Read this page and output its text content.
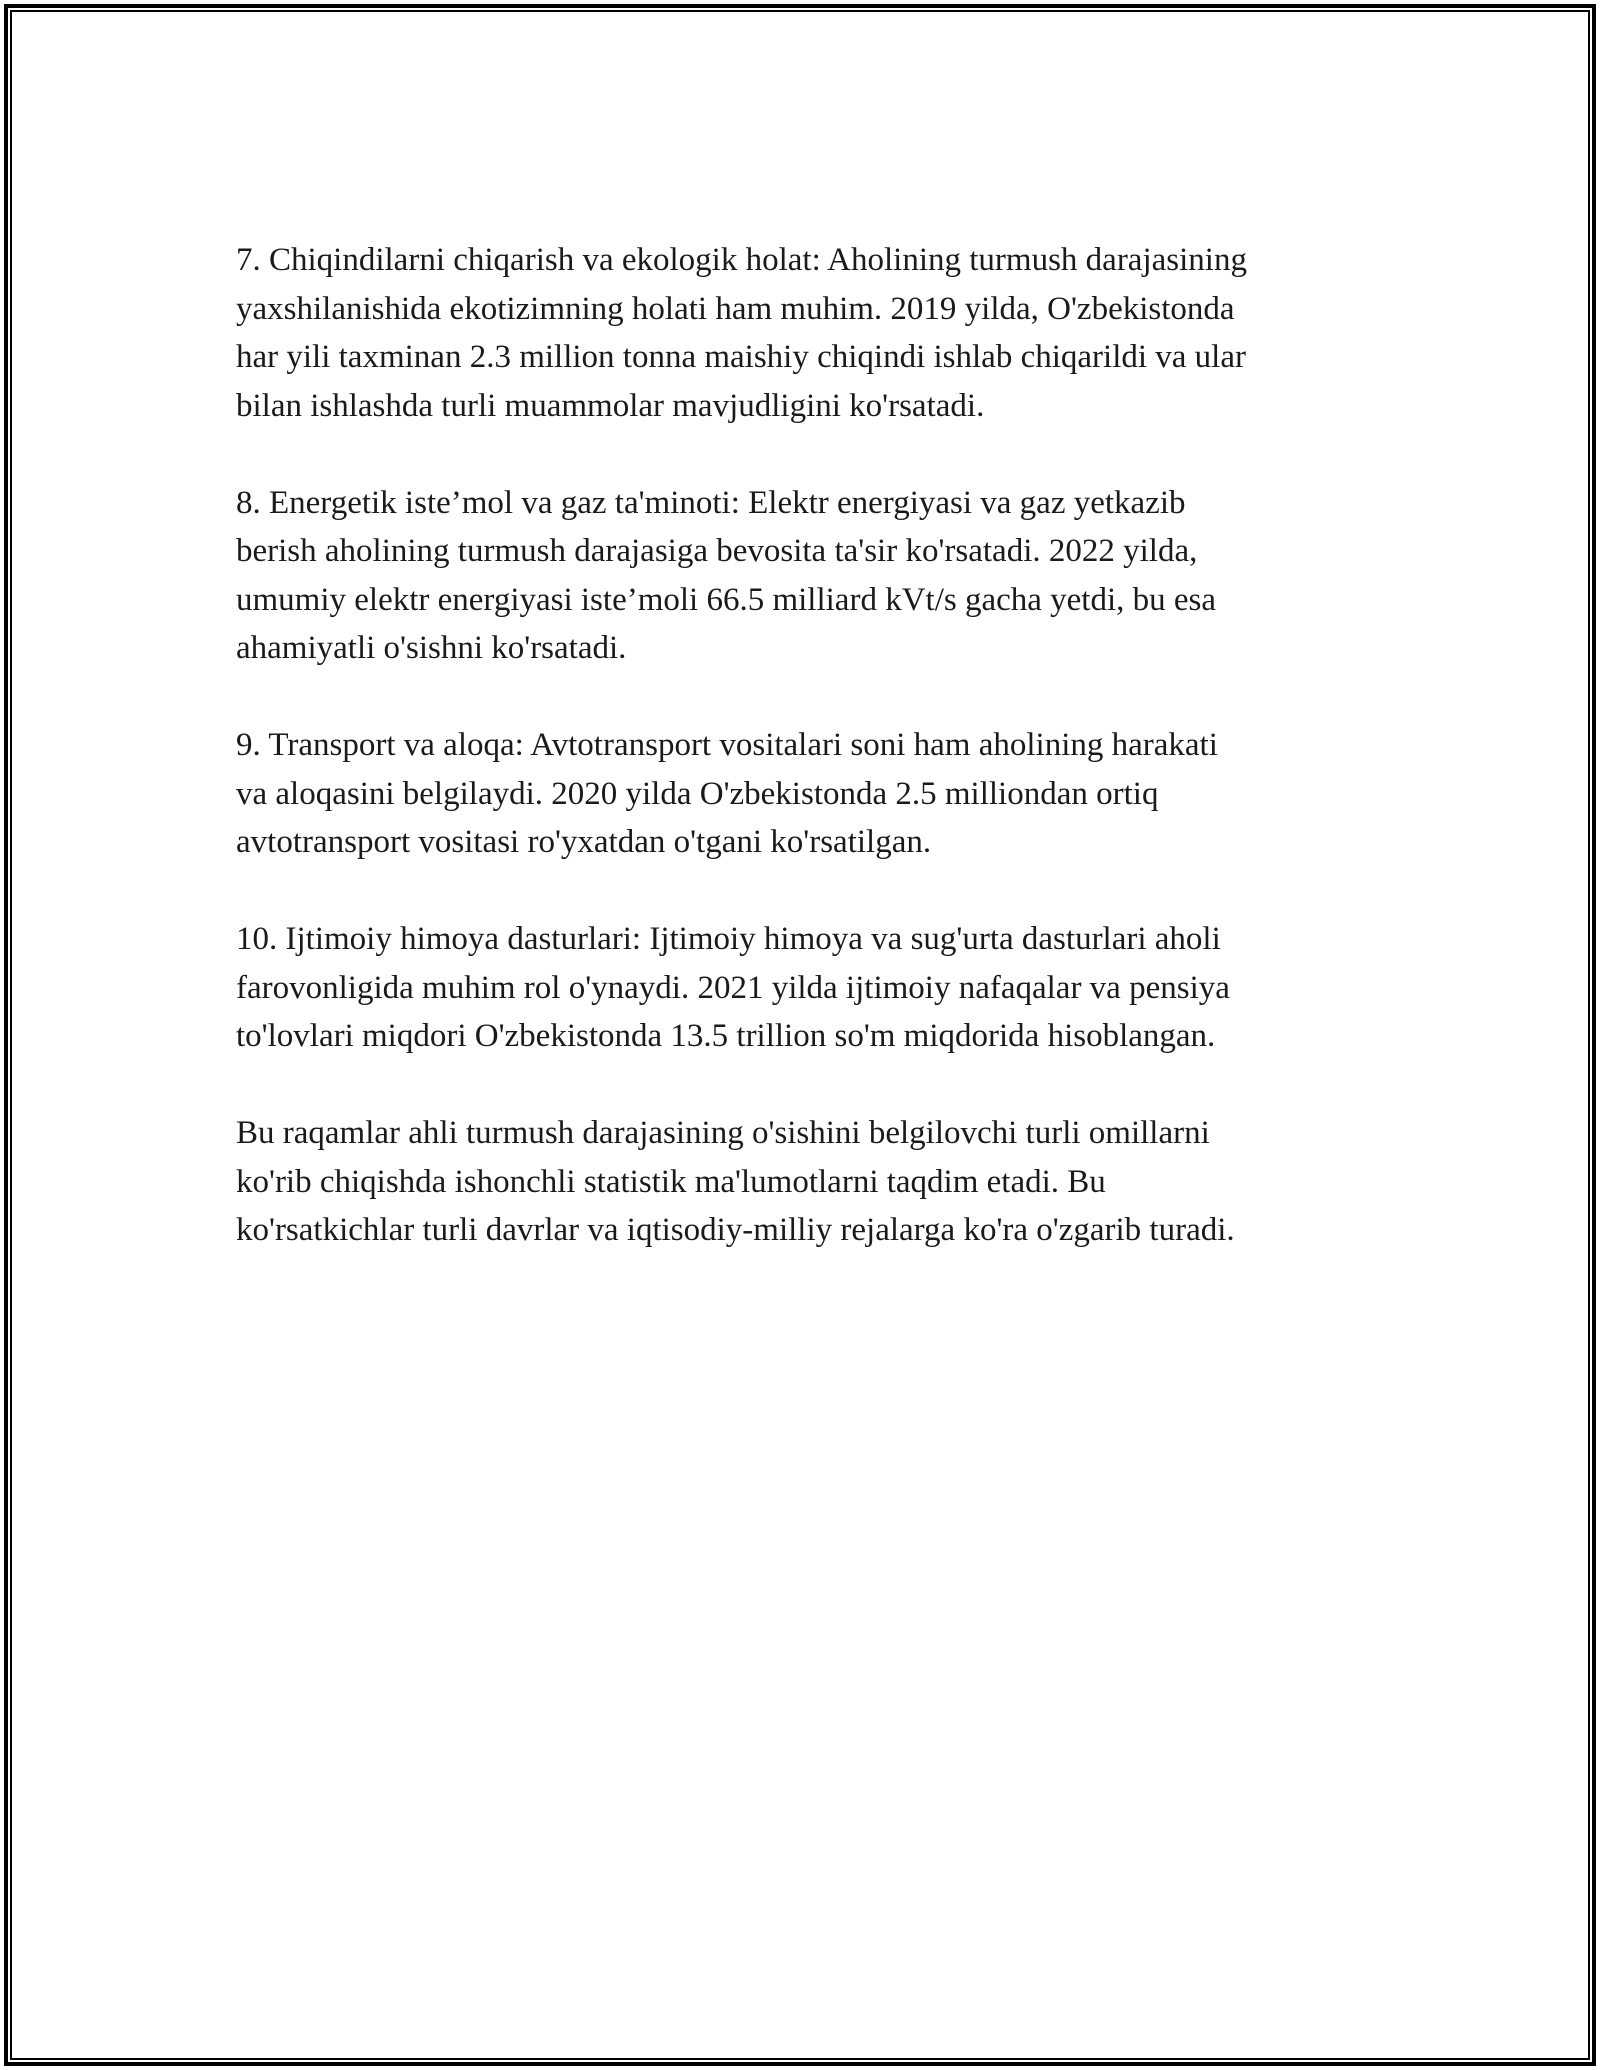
7. Chiqindilarni chiqarish va ekologik holat: Aholining turmush darajasining
yaxshilanishida ekotizimning holati ham muhim. 2019 yilda, O'zbekistonda
har yili taxminan 2.3 million tonna maishiy chiqindi ishlab chiqarildi va ular
bilan ishlashda turli muammolar mavjudligini ko'rsatadi.

8. Energetik iste’mol va gaz ta'minoti: Elektr energiyasi va gaz yetkazib
berish aholining turmush darajasiga bevosita ta'sir ko'rsatadi. 2022 yilda,
umumiy elektr energiyasi iste’moli 66.5 milliard kVt/s gacha yetdi, bu esa
ahamiyatli o'sishni ko'rsatadi.

9. Transport va aloqa: Avtotransport vositalari soni ham aholining harakati
va aloqasini belgilaydi. 2020 yilda O'zbekistonda 2.5 milliondan ortiq
avtotransport vositasi ro'yxatdan o'tgani ko'rsatilgan.

10. Ijtimoiy himoya dasturlari: Ijtimoiy himoya va sug'urta dasturlari aholi
farovonligida muhim rol o'ynaydi. 2021 yilda ijtimoiy nafaqalar va pensiya
to'lovlari miqdori O'zbekistonda 13.5 trillion so'm miqdorida hisoblangan.

Bu raqamlar ahli turmush darajasining o'sishini belgilovchi turli omillarni
ko'rib chiqishda ishonchli statistik ma'lumotlarni taqdim etadi. Bu
ko'rsatkichlar turli davrlar va iqtisodiy-milliy rejalarga ko'ra o'zgarib turadi.
